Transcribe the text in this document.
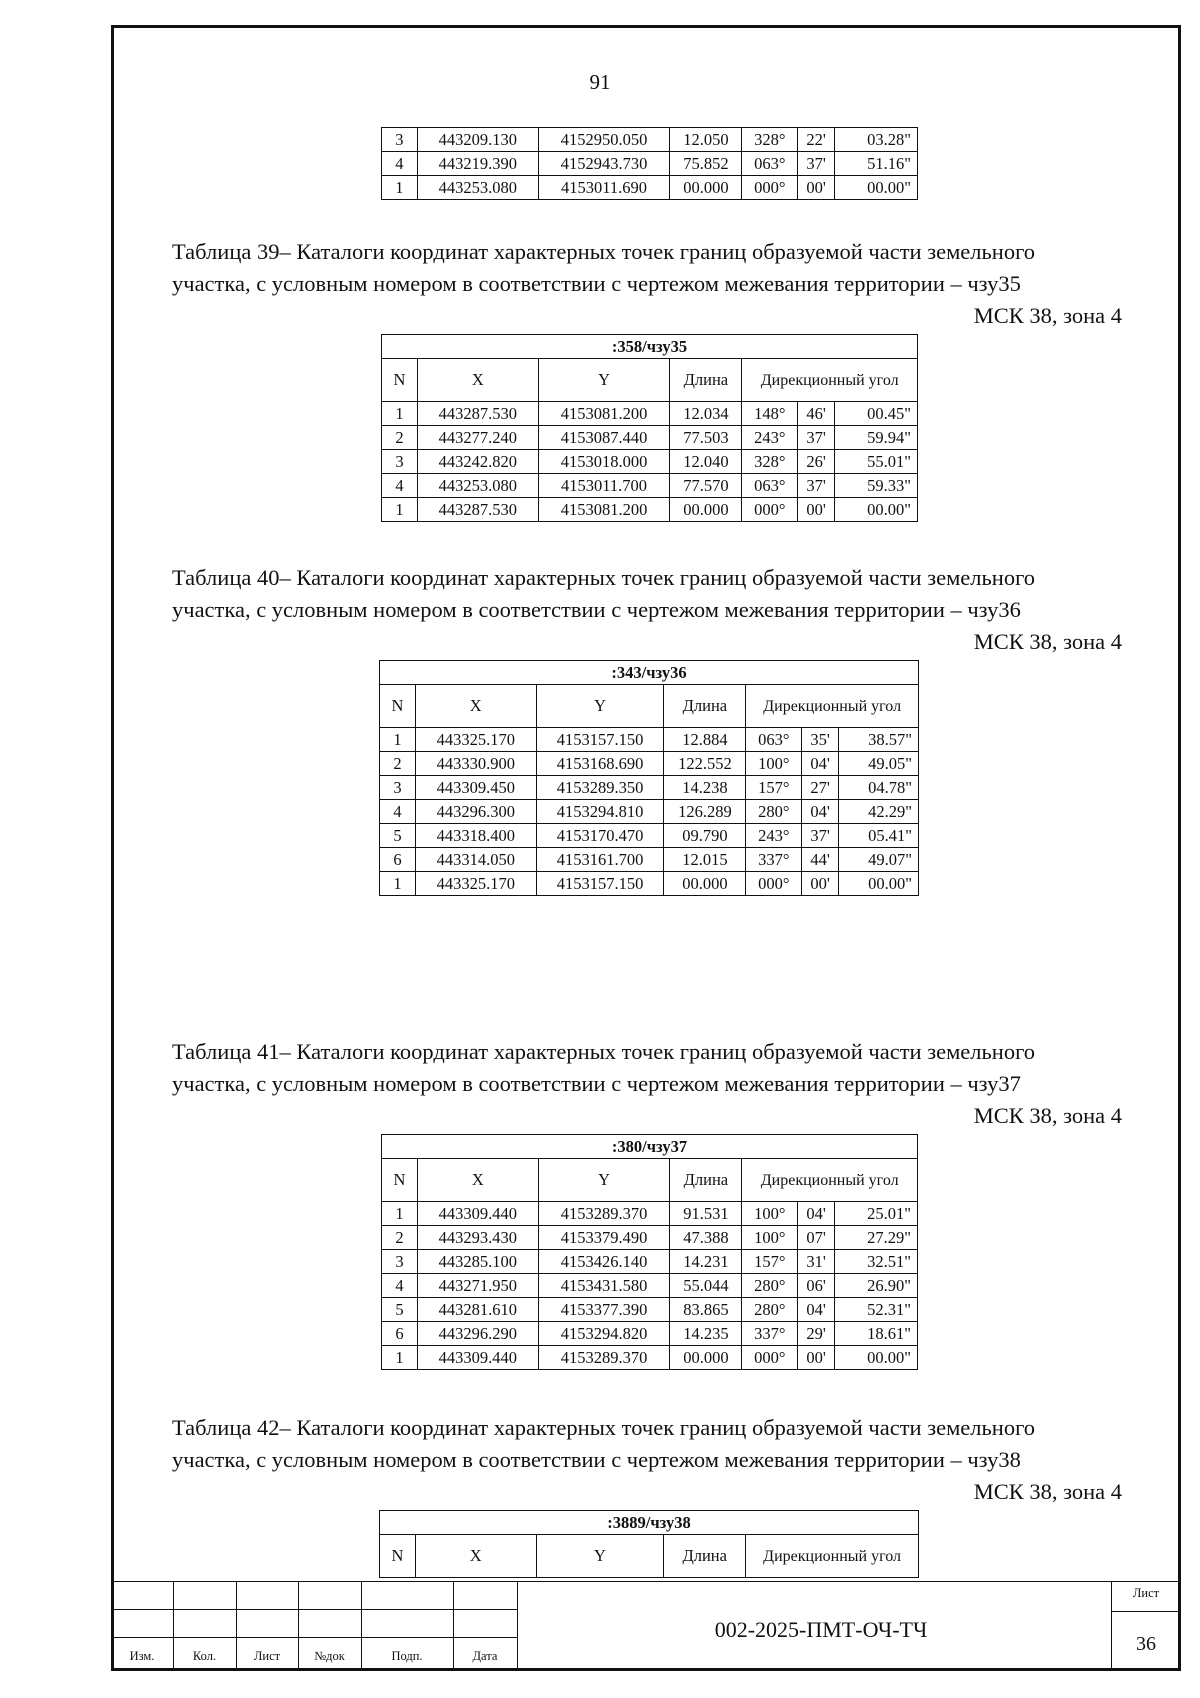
91
3	443209.130	4152950.050	12.050	328°	22'	03.28"
4	443219.390	4152943.730	75.852	063°	37'	51.16"
1	443253.080	4153011.690	00.000	000°	00'	00.00"
Таблица 39– Каталоги координат характерных точек границ образуемой части земельного
участка, с условным номером в соответствии с чертежом межевания территории – чзу35
МСК 38, зона 4
:358/чзу35						
N	X	Y	Длина	Дирекционный угол		
1	443287.530	4153081.200	12.034	148°	46'	00.45"
2	443277.240	4153087.440	77.503	243°	37'	59.94"
3	443242.820	4153018.000	12.040	328°	26'	55.01"
4	443253.080	4153011.700	77.570	063°	37'	59.33"
1	443287.530	4153081.200	00.000	000°	00'	00.00"
Таблица 40– Каталоги координат характерных точек границ образуемой части земельного
участка, с условным номером в соответствии с чертежом межевания территории – чзу36
МСК 38, зона 4
:343/чзу36						
N	X	Y	Длина	Дирекционный угол		
1	443325.170	4153157.150	12.884	063°	35'	38.57"
2	443330.900	4153168.690	122.552	100°	04'	49.05"
3	443309.450	4153289.350	14.238	157°	27'	04.78"
4	443296.300	4153294.810	126.289	280°	04'	42.29"
5	443318.400	4153170.470	09.790	243°	37'	05.41"
6	443314.050	4153161.700	12.015	337°	44'	49.07"
1	443325.170	4153157.150	00.000	000°	00'	00.00"
Таблица 41– Каталоги координат характерных точек границ образуемой части земельного
участка, с условным номером в соответствии с чертежом межевания территории – чзу37
МСК 38, зона 4
:380/чзу37						
N	X	Y	Длина	Дирекционный угол		
1	443309.440	4153289.370	91.531	100°	04'	25.01"
2	443293.430	4153379.490	47.388	100°	07'	27.29"
3	443285.100	4153426.140	14.231	157°	31'	32.51"
4	443271.950	4153431.580	55.044	280°	06'	26.90"
5	443281.610	4153377.390	83.865	280°	04'	52.31"
6	443296.290	4153294.820	14.235	337°	29'	18.61"
1	443309.440	4153289.370	00.000	000°	00'	00.00"
Таблица 42– Каталоги координат характерных точек границ образуемой части земельного
участка, с условным номером в соответствии с чертежом межевания территории – чзу38
МСК 38, зона 4
:3889/чзу38
N	X	Y	Длина	Дирекционный угол
Изм.	Кол.	Лист	№док	Подп.	Дата
002-2025-ПМТ-ОЧ-ТЧ
Лист
36
